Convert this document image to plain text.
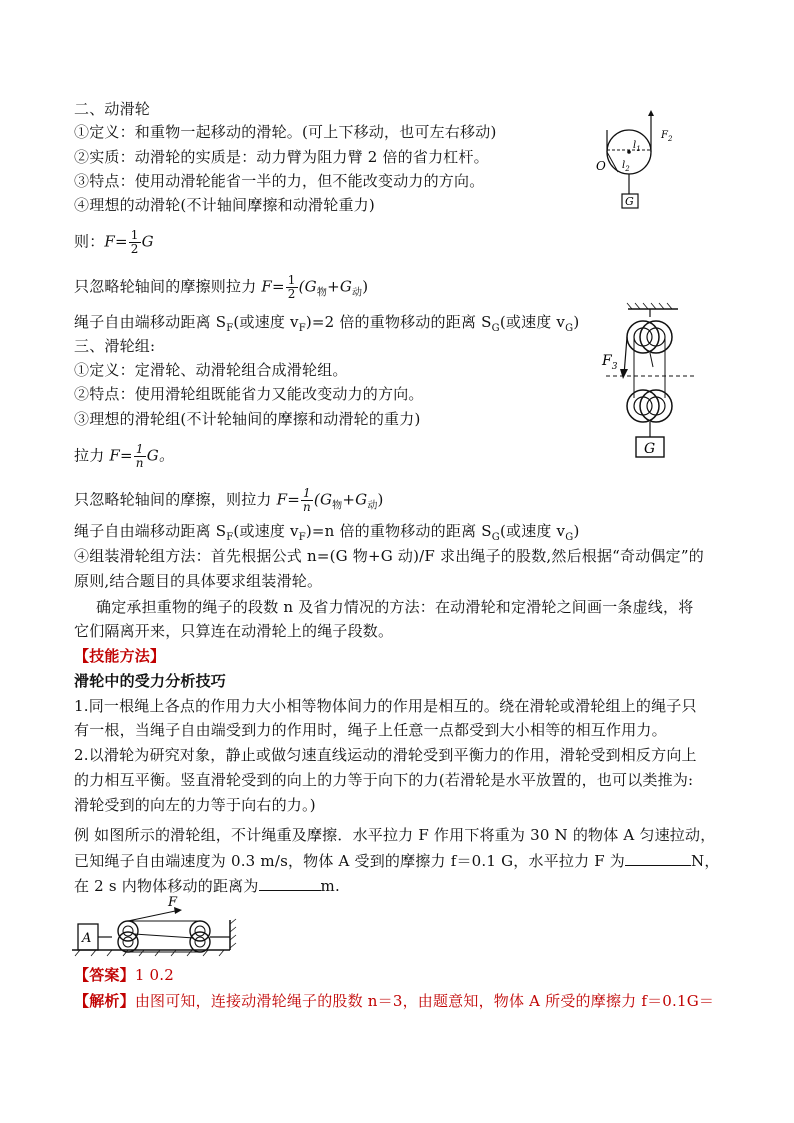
二、动滑轮
①定义：和重物一起移动的滑轮。(可上下移动，也可左右移动)
②实质：动滑轮的实质是：动力臂为阻力臂 2 倍的省力杠杆。
③特点：使用动滑轮能省一半的力，但不能改变动力的方向。
④理想的动滑轮(不计轴间摩擦和动滑轮重力)
则：$F= \frac{1}{2}$ G
只忽略轮轴间的摩擦则拉力 $F= \frac{1}{2} (G_物+G_动)$
绳子自由端移动距离 $S_F$(或速度 $v_F)=2$ 倍的重物移动的距离 $S_G$(或速度 $v_G$)
三、滑轮组:
①定义：定滑轮、动滑轮组合成滑轮组。
②特点：使用滑轮组既能省力又能改变动力的方向。
③理想的滑轮组(不计轮轴间的摩擦和动滑轮的重力)
拉力 $F= \frac{1}{n}$ G。
只忽略轮轴间的摩擦，则拉力 $F= \frac{1}{n} (G_物+G_动)$
绳子自由端移动距离 $S_F$(或速度 $v_F)=n$ 倍的重物移动的距离 $S_G$(或速度 $v_G$)
④组装滑轮组方法：首先根据公式 n=(G 物+G 动)/F 求出绳子的股数,然后根据“奇动偶定”的
原则,结合题目的具体要求组装滑轮。
确定承担重物的绳子的段数 n 及省力情况的方法：在动滑轮和定滑轮之间画一条虚线，将
它们隔离开来，只算连在动滑轮上的绳子段数。
【技能方法】
滑轮中的受力分析技巧
1.同一根绳上各点的作用力大小相等物体间力的作用是相互的。绕在滑轮或滑轮组上的绳子只
有一根，当绳子自由端受到力的作用时，绳子上任意一点都受到大小相等的相互作用力。
2.以滑轮为研究对象，静止或做匀速直线运动的滑轮受到平衡力的作用，滑轮受到相反方向上
的力相互平衡。竖直滑轮受到的向上的力等于向下的力(若滑轮是水平放置的，也可以类推为:
滑轮受到的向左的力等于向右的力。)
例 如图所示的滑轮组，不计绳重及摩擦．水平拉力 F 作用下将重为 30 N 的物体 A 匀速拉动，
已知绳子自由端速度为 0.3 m/s，物体 A 受到的摩擦力 f＝0.1 G，水平拉力 F 为	N，
在 2 s 内物体移动的距离为	m.
【答案】1 0.2
【解析】由图可知，连接动滑轮绳子的股数 n＝3，由题意知，物体 A 所受的摩擦力 f＝0.1G＝
O
$l_1$
$l_2$
$F_2$
G
$F_3$
G
A
F
